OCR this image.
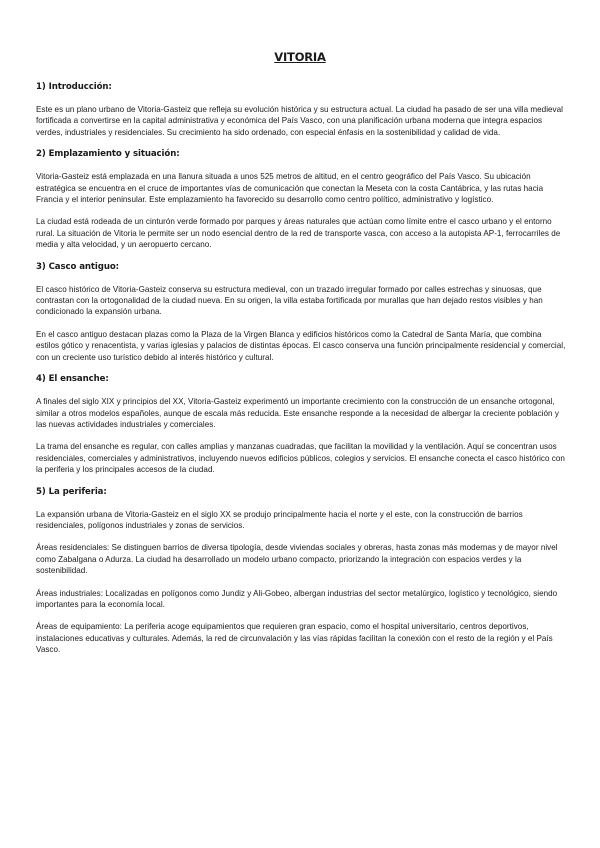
VITORIA
1) Introducción:

Este es un plano urbano de Vitoria-Gasteiz que refleja su evolución histórica y su estructura actual. La ciudad ha pasado de ser una villa medieval fortificada a convertirse en la capital administrativa y económica del País Vasco, con una planificación urbana moderna que integra espacios verdes, industriales y residenciales. Su crecimiento ha sido ordenado, con especial énfasis en la sostenibilidad y calidad de vida.

2) Emplazamiento y situación:

Vitoria-Gasteiz está emplazada en una llanura situada a unos 525 metros de altitud, en el centro geográfico del País Vasco. Su ubicación estratégica se encuentra en el cruce de importantes vías de comunicación que conectan la Meseta con la costa Cantábrica, y las rutas hacia Francia y el interior peninsular. Este emplazamiento ha favorecido su desarrollo como centro político, administrativo y logístico.

La ciudad está rodeada de un cinturón verde formado por parques y áreas naturales que actúan como límite entre el casco urbano y el entorno rural. La situación de Vitoria le permite ser un nodo esencial dentro de la red de transporte vasca, con acceso a la autopista AP-1, ferrocarriles de media y alta velocidad, y un aeropuerto cercano.

3) Casco antiguo:

El casco histórico de Vitoria-Gasteiz conserva su estructura medieval, con un trazado irregular formado por calles estrechas y sinuosas, que contrastan con la ortogonalidad de la ciudad nueva. En su origen, la villa estaba fortificada por murallas que han dejado restos visibles y han condicionado la expansión urbana.

En el casco antiguo destacan plazas como la Plaza de la Virgen Blanca y edificios históricos como la Catedral de Santa María, que combina estilos gótico y renacentista, y varias iglesias y palacios de distintas épocas. El casco conserva una función principalmente residencial y comercial, con un creciente uso turístico debido al interés histórico y cultural.

4) El ensanche:

A finales del siglo XIX y principios del XX, Vitoria-Gasteiz experimentó un importante crecimiento con la construcción de un ensanche ortogonal, similar a otros modelos españoles, aunque de escala más reducida. Este ensanche responde a la necesidad de albergar la creciente población y las nuevas actividades industriales y comerciales.

La trama del ensanche es regular, con calles amplias y manzanas cuadradas, que facilitan la movilidad y la ventilación. Aquí se concentran usos residenciales, comerciales y administrativos, incluyendo nuevos edificios públicos, colegios y servicios. El ensanche conecta el casco histórico con la periferia y los principales accesos de la ciudad.

5) La periferia:

La expansión urbana de Vitoria-Gasteiz en el siglo XX se produjo principalmente hacia el norte y el este, con la construcción de barrios residenciales, polígonos industriales y zonas de servicios.

Áreas residenciales: Se distinguen barrios de diversa tipología, desde viviendas sociales y obreras, hasta zonas más modernas y de mayor nivel como Zabalgana o Adurza. La ciudad ha desarrollado un modelo urbano compacto, priorizando la integración con espacios verdes y la sostenibilidad.

Áreas industriales: Localizadas en polígonos como Jundiz y Ali-Gobeo, albergan industrias del sector metalúrgico, logístico y tecnológico, siendo importantes para la economía local.

Áreas de equipamiento: La periferia acoge equipamientos que requieren gran espacio, como el hospital universitario, centros deportivos, instalaciones educativas y culturales. Además, la red de circunvalación y las vías rápidas facilitan la conexión con el resto de la región y el País Vasco.
